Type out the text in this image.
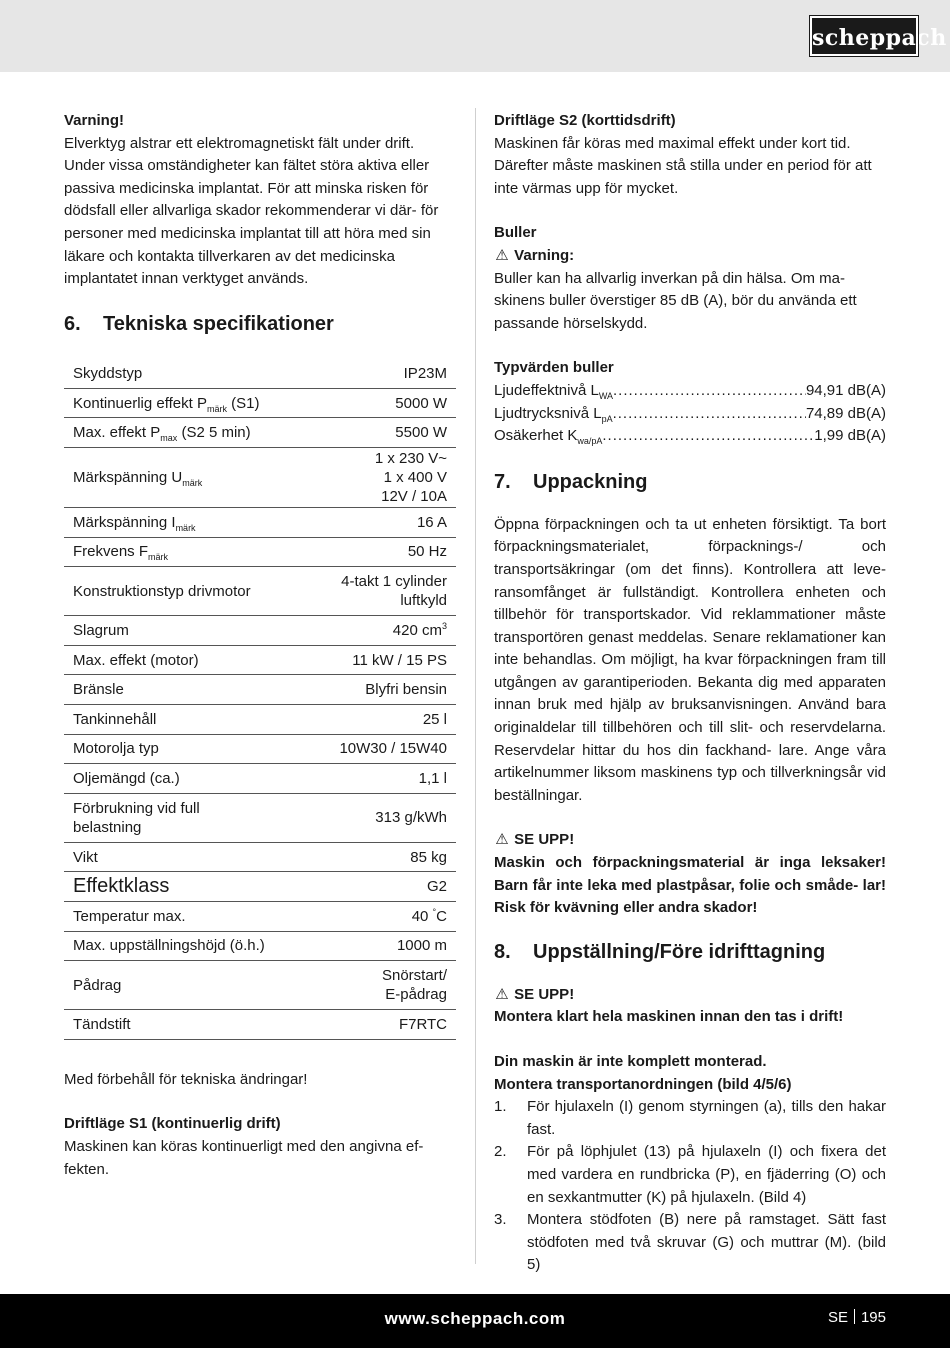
scheppach
Varning!
Elverktyg alstrar ett elektromagnetiskt fält under drift. Under vissa omständigheter kan fältet störa aktiva eller passiva medicinska implantat. För att minska risken för dödsfall eller allvarliga skador rekommenderar vi där- för personer med medicinska implantat till att höra med sin läkare och kontakta tillverkaren av det medicinska implantatet innan verktyget används.
6.	Tekniska specifikationer
Skyddstyp	IP23M
Kontinuerlig effekt $P_{märk}$ (S1)	5000 W
Max. effekt $P_{max}$ (S2 5 min)	5500 W
Märkspänning $U_{märk}$	1 x 230 V~
1 x 400 V
12V / 10A

Märkspänning $I_{märk}$	16 A
Frekvens $F_{märk}$	50 Hz
Konstruktionstyp drivmotor	4-takt 1 cylinder
luftkyld

Slagrum	420 $cm^3$
Max. effekt (motor)	11 kW / 15 PS
Bränsle	Blyfri bensin
Tankinnehåll	25 l
Motorolja typ	10W30 / 15W40
Oljemängd (ca.)	1,1 l

Förbrukning vid full
belastning	313 g/kWh
Vikt	85 kg
Effektklass	G2
Temperatur max.	40 °C
Max. uppställningshöjd (ö.h.)	1000 m
Pådrag	Snörstart/
E-pådrag

Tändstift	F7RTC
Med förbehåll för tekniska ändringar!
Driftläge S1 (kontinuerlig drift)
Maskinen kan köras kontinuerligt med den angivna ef- fekten.
Driftläge S2 (korttidsdrift)
Maskinen får köras med maximal effekt under kort tid. Därefter måste maskinen stå stilla under en period för att inte värmas upp för mycket.
Buller
⚠ Varning:
Buller kan ha allvarlig inverkan på din hälsa. Om ma- skinens buller överstiger 85 dB (A), bör du använda ett passande hörselskydd.
Typvärden buller
Ljudeffektnivå $L_{WA}$ .....	94,91 dB(A)
Ljudtrycksnivå $L_{pA}$ .....	74,89 dB(A)
Osäkerhet $K_{wa/pA}$ .....	1,99 dB(A)
7.	Uppackning
Öppna förpackningen och ta ut enheten försiktigt. Ta bort förpackningsmaterialet, förpacknings-/ och transportsäkringar (om det finns). Kontrollera att leve- ransomfånget är fullständigt. Kontrollera enheten och tillbehör för transportskador. Vid reklammationer måste transportören genast meddelas. Senare reklamationer kan inte behandlas. Om möjligt, ha kvar förpackningen fram till utgången av garantiperioden. Bekanta dig med apparaten innan bruk med hjälp av bruksanvisningen. Använd bara originaldelar till tillbehören och till slit- och reservdelarna. Reservdelar hittar du hos din fackhand- lare. Ange våra artikelnummer liksom maskinens typ och tillverkningsår vid beställningar.
⚠ SE UPP!
Maskin och förpackningsmaterial är inga leksaker! Barn får inte leka med plastpåsar, folie och småde- lar! Risk för kvävning eller andra skador!
8.	Uppställning/Före idrifttagning
⚠ SE UPP!
Montera klart hela maskinen innan den tas i drift!
Din maskin är inte komplett monterad.
Montera transportanordningen (bild 4/5/6)
1.	För hjulaxeln (I) genom styrningen (a), tills den hakar fast.
2.	För på löphjulet (13) på hjulaxeln (I) och fixera det med vardera en rundbricka (P), en fjäderring (O) och en sexkantmutter (K) på hjulaxeln. (Bild 4)
3.	Montera stödfoten (B) nere på ramstaget. Sätt fast stödfoten med två skruvar (G) och muttrar (M). (bild 5)
www.scheppach.com	SE 195
